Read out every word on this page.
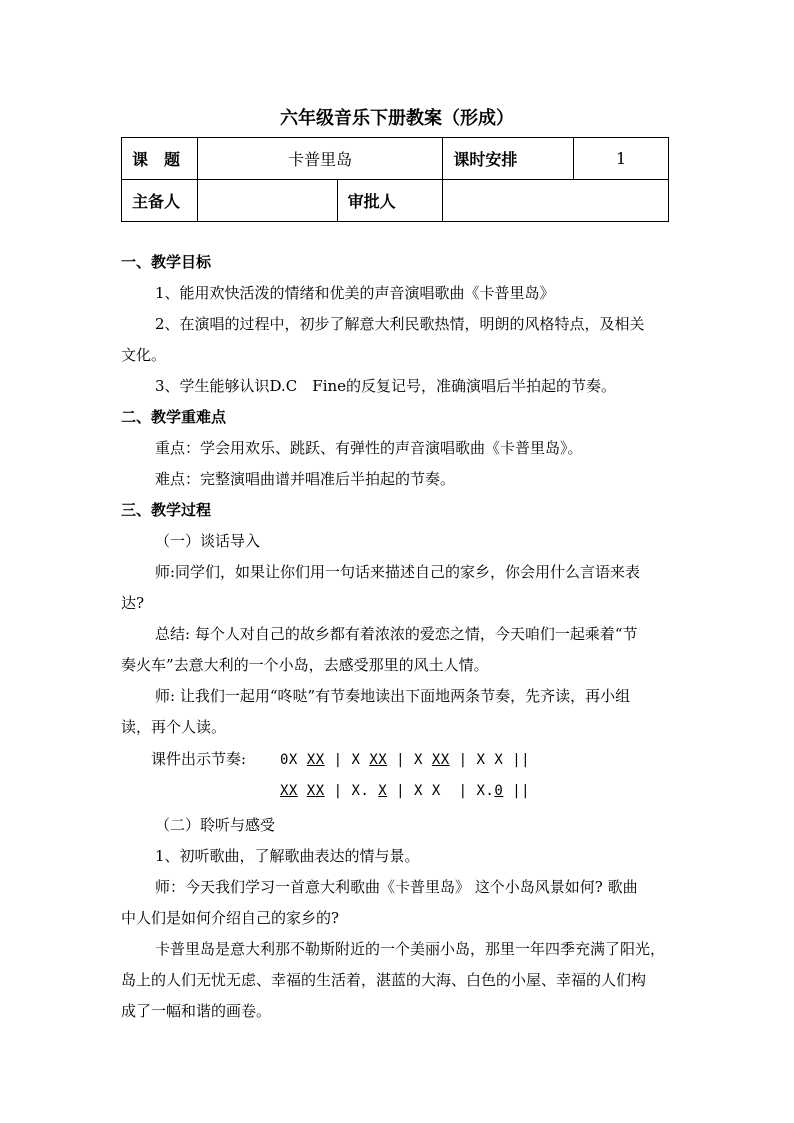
六年级音乐下册教案（形成）
课　题	卡普里岛		课时安排	1
主备人		审批人		
一、教学目标
1、能用欢快活泼的情绪和优美的声音演唱歌曲《卡普里岛》
2、在演唱的过程中，初步了解意大利民歌热情，明朗的风格特点，及相关
文化。
3、学生能够认识D.C　Fine的反复记号，准确演唱后半拍起的节奏。
二、教学重难点
重点：学会用欢乐、跳跃、有弹性的声音演唱歌曲《卡普里岛》。
难点：完整演唱曲谱并唱准后半拍起的节奏。
三、教学过程
（一）谈话导入
师:同学们，如果让你们用一句话来描述自己的家乡，你会用什么言语来表
达?
总结: 每个人对自己的故乡都有着浓浓的爱恋之情，今天咱们一起乘着“节
奏火车”去意大利的一个小岛，去感受那里的风土人情。
师: 让我们一起用“咚哒”有节奏地读出下面地两条节奏，先齐读，再小组
读，再个人读。
课件出示节奏: 0X XX | X XX | X XX | X X ||
XX XX | X. X | X X  | X.0 ||
（二）聆听与感受
1、初听歌曲，了解歌曲表达的情与景。
师：今天我们学习一首意大利歌曲《卡普里岛》 这个小岛风景如何? 歌曲
中人们是如何介绍自己的家乡的?
卡普里岛是意大利那不勒斯附近的一个美丽小岛，那里一年四季充满了阳光，
岛上的人们无忧无虑、幸福的生活着，湛蓝的大海、白色的小屋、幸福的人们构
成了一幅和谐的画卷。
